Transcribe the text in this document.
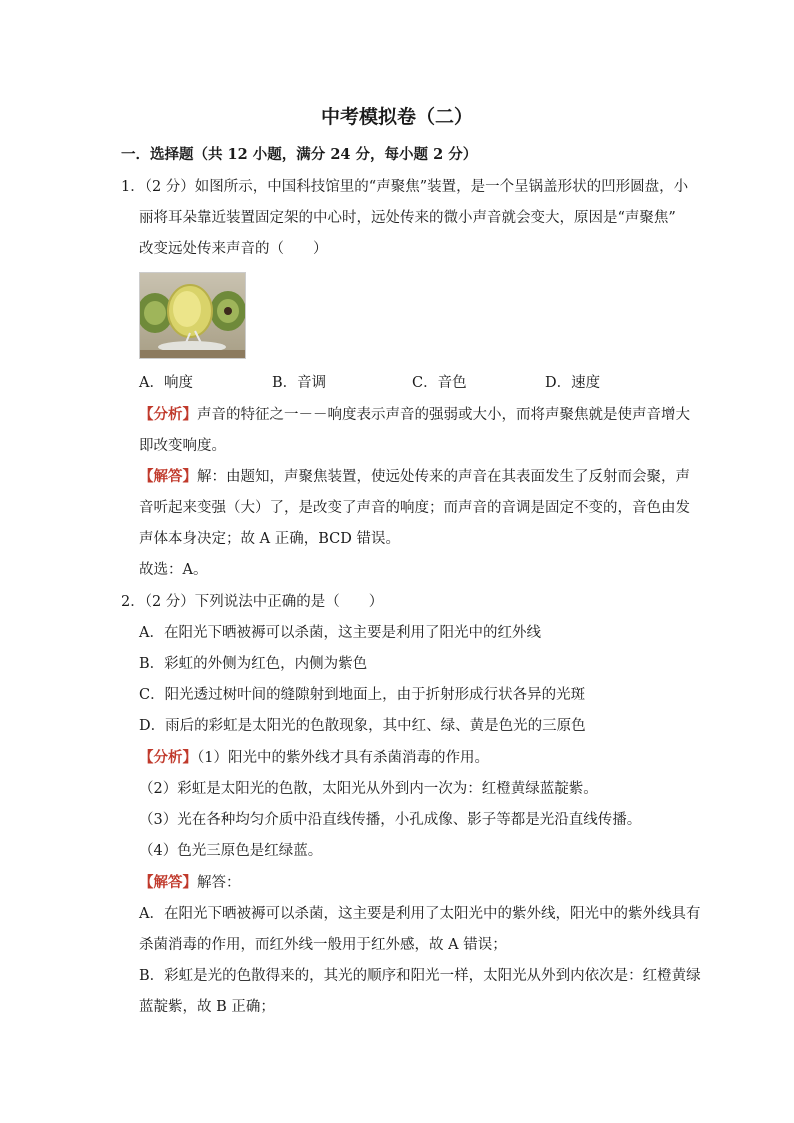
中考模拟卷（二）
一．选择题（共 12 小题，满分 24 分，每小题 2 分）
1．（2 分）如图所示，中国科技馆里的“声聚焦”装置，是一个呈锅盖形状的凹形圆盘，小
丽将耳朵靠近装置固定架的中心时，远处传来的微小声音就会变大，原因是“声聚焦”
改变远处传来声音的（　　）
A．响度	B．音调	C．音色	D．速度
【分析】声音的特征之一－－响度表示声音的强弱或大小，而将声聚焦就是使声音增大
即改变响度。
【解答】解：由题知，声聚焦装置，使远处传来的声音在其表面发生了反射而会聚，声
音听起来变强（大）了，是改变了声音的响度；而声音的音调是固定不变的，音色由发
声体本身决定；故 A 正确，BCD 错误。
故选：A。
2．（2 分）下列说法中正确的是（　　）
A．在阳光下晒被褥可以杀菌，这主要是利用了阳光中的红外线
B．彩虹的外侧为红色，内侧为紫色
C．阳光透过树叶间的缝隙射到地面上，由于折射形成行状各异的光斑
D．雨后的彩虹是太阳光的色散现象，其中红、绿、黄是色光的三原色
【分析】（1）阳光中的紫外线才具有杀菌消毒的作用。
（2）彩虹是太阳光的色散，太阳光从外到内一次为：红橙黄绿蓝靛紫。
（3）光在各种均匀介质中沿直线传播，小孔成像、影子等都是光沿直线传播。
（4）色光三原色是红绿蓝。
【解答】解答：
A．在阳光下晒被褥可以杀菌，这主要是利用了太阳光中的紫外线，阳光中的紫外线具有
杀菌消毒的作用，而红外线一般用于红外感，故 A 错误；
B．彩虹是光的色散得来的，其光的顺序和阳光一样，太阳光从外到内依次是：红橙黄绿
蓝靛紫，故 B 正确；
